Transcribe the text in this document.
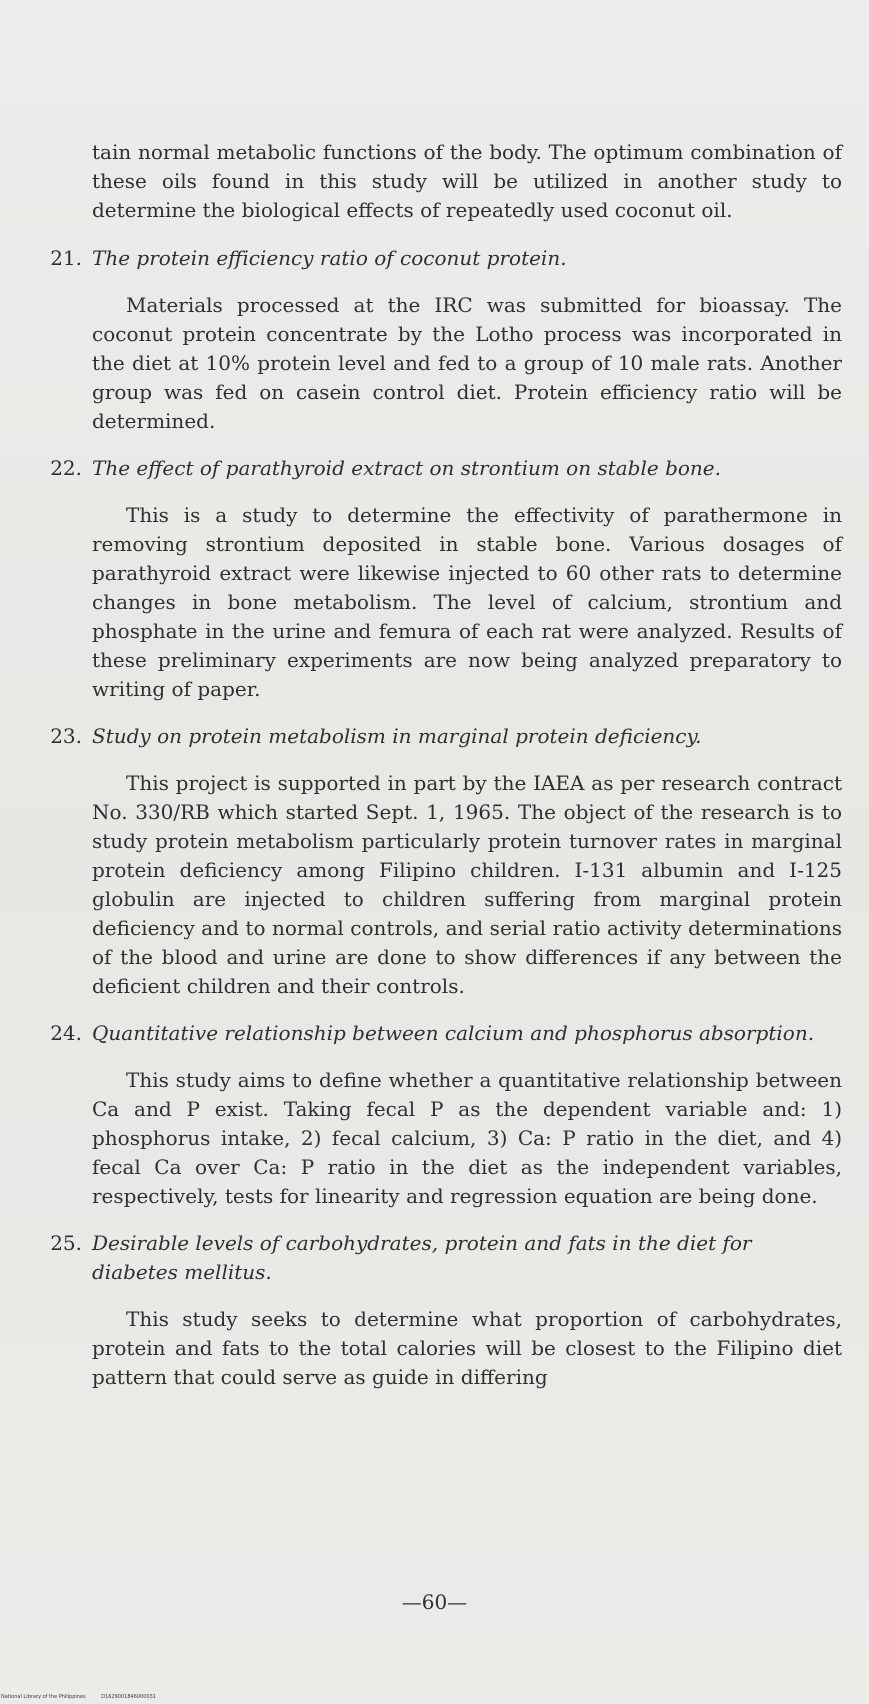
tain normal metabolic functions of the body. The optimum combination of these oils found in this study will be utilized in another study to determine the biological effects of repeatedly used coconut oil.

21. The protein efficiency ratio of coconut protein.

Materials processed at the IRC was submitted for bioassay. The coconut protein concentrate by the Lotho process was incorporated in the diet at 10% protein level and fed to a group of 10 male rats. Another group was fed on casein control diet. Protein efficiency ratio will be determined.

22. The effect of parathyroid extract on strontium on stable bone.

This is a study to determine the effectivity of parathermone in removing strontium deposited in stable bone. Various dosages of parathyroid extract were likewise injected to 60 other rats to determine changes in bone metabolism. The level of calcium, strontium and phosphate in the urine and femura of each rat were analyzed. Results of these preliminary experiments are now being analyzed preparatory to writing of paper.

23. Study on protein metabolism in marginal protein deficiency.

This project is supported in part by the IAEA as per research contract No. 330/RB which started Sept. 1, 1965. The object of the research is to study protein metabolism particularly protein turnover rates in marginal protein deficiency among Filipino children. I-131 albumin and I-125 globulin are injected to children suffering from marginal protein deficiency and to normal controls, and serial ratio activity determinations of the blood and urine are done to show differences if any between the deficient children and their controls.

24. Quantitative relationship between calcium and phosphorus absorption.

This study aims to define whether a quantitative relationship between Ca and P exist. Taking fecal P as the dependent variable and: 1) phosphorus intake, 2) fecal calcium, 3) Ca: P ratio in the diet, and 4) fecal Ca over Ca: P ratio in the diet as the independent variables, respectively, tests for linearity and regression equation are being done.

25. Desirable levels of carbohydrates, protein and fats in the diet for diabetes mellitus.

This study seeks to determine what proportion of carbohydrates, protein and fats to the total calories will be closest to the Filipino diet pattern that could serve as guide in differing

—60—
National Library of the Philippines	D1629001846000031
